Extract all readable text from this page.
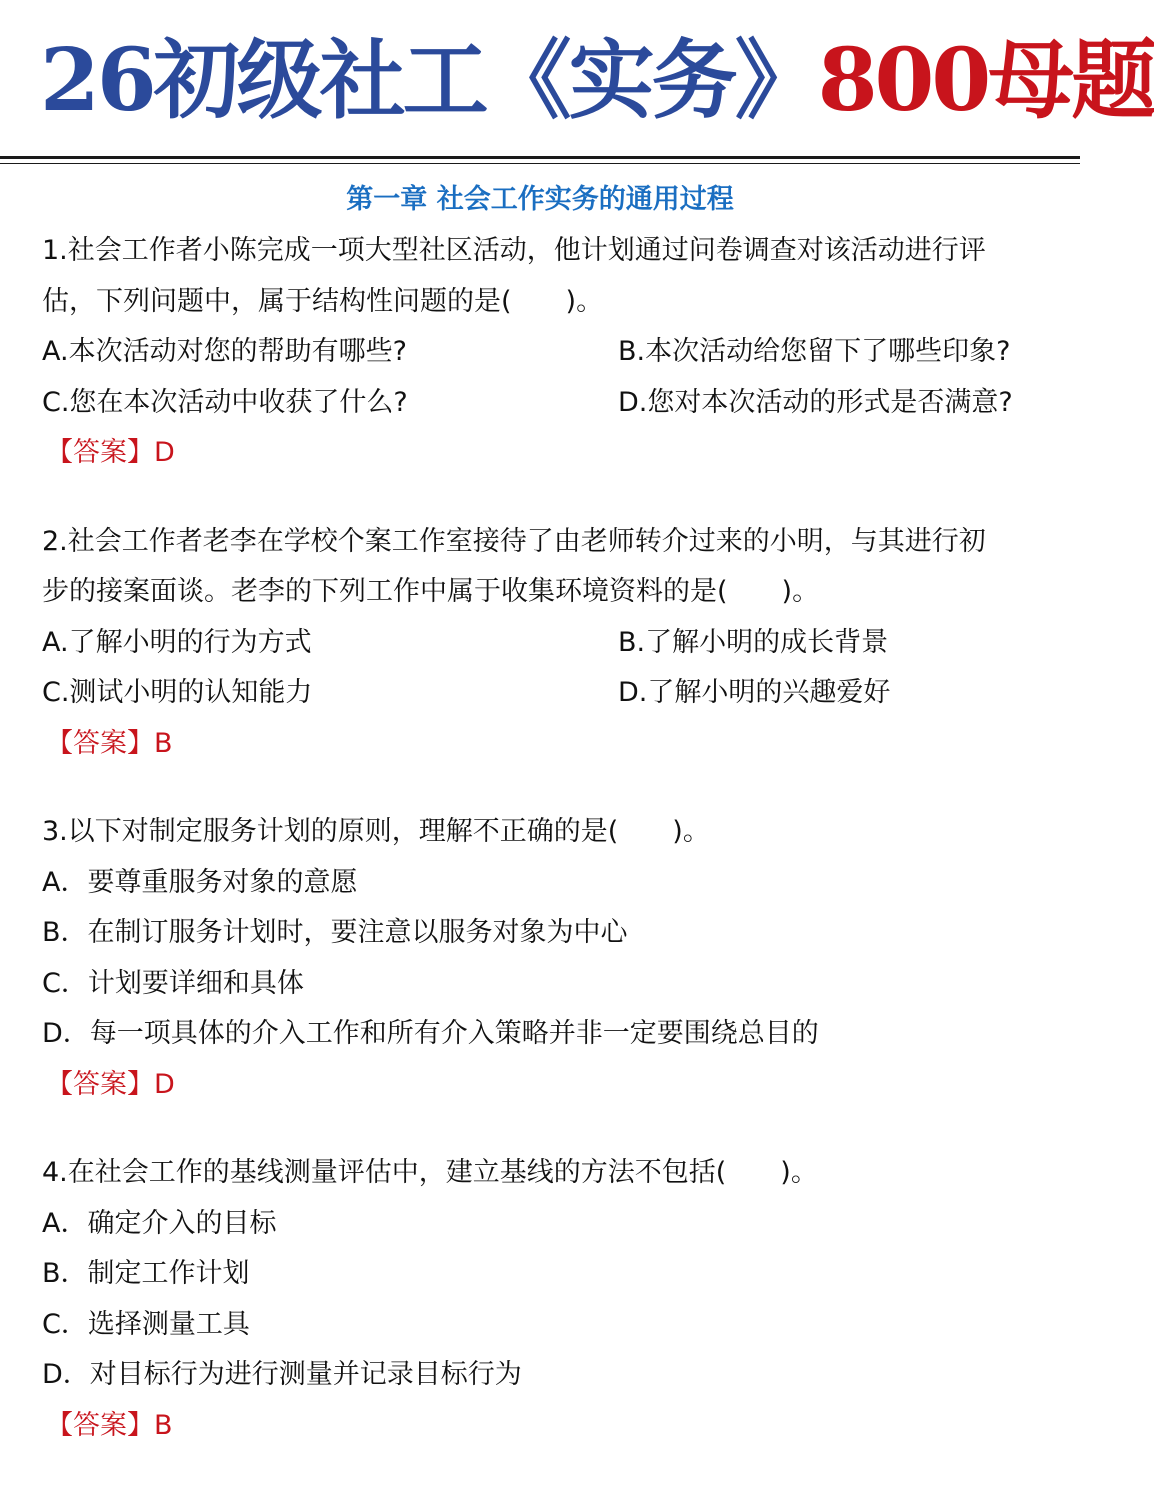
26初级社工《实务》800母题
第一章 社会工作实务的通用过程
1.社会工作者小陈完成一项大型社区活动，他计划通过问卷调查对该活动进行评
估，下列问题中，属于结构性问题的是(　　)。
A.本次活动对您的帮助有哪些?	B.本次活动给您留下了哪些印象?
C.您在本次活动中收获了什么?	D.您对本次活动的形式是否满意?
【答案】D
2.社会工作者老李在学校个案工作室接待了由老师转介过来的小明，与其进行初
步的接案面谈。老李的下列工作中属于收集环境资料的是(　　)。
A.了解小明的行为方式	B.了解小明的成长背景
C.测试小明的认知能力	D.了解小明的兴趣爱好
【答案】B
3.以下对制定服务计划的原则，理解不正确的是(　　)。
A．要尊重服务对象的意愿
B．在制订服务计划时，要注意以服务对象为中心
C．计划要详细和具体
D．每一项具体的介入工作和所有介入策略并非一定要围绕总目的
【答案】D
4.在社会工作的基线测量评估中，建立基线的方法不包括(　　)。
A．确定介入的目标
B．制定工作计划
C．选择测量工具
D．对目标行为进行测量并记录目标行为
【答案】B
